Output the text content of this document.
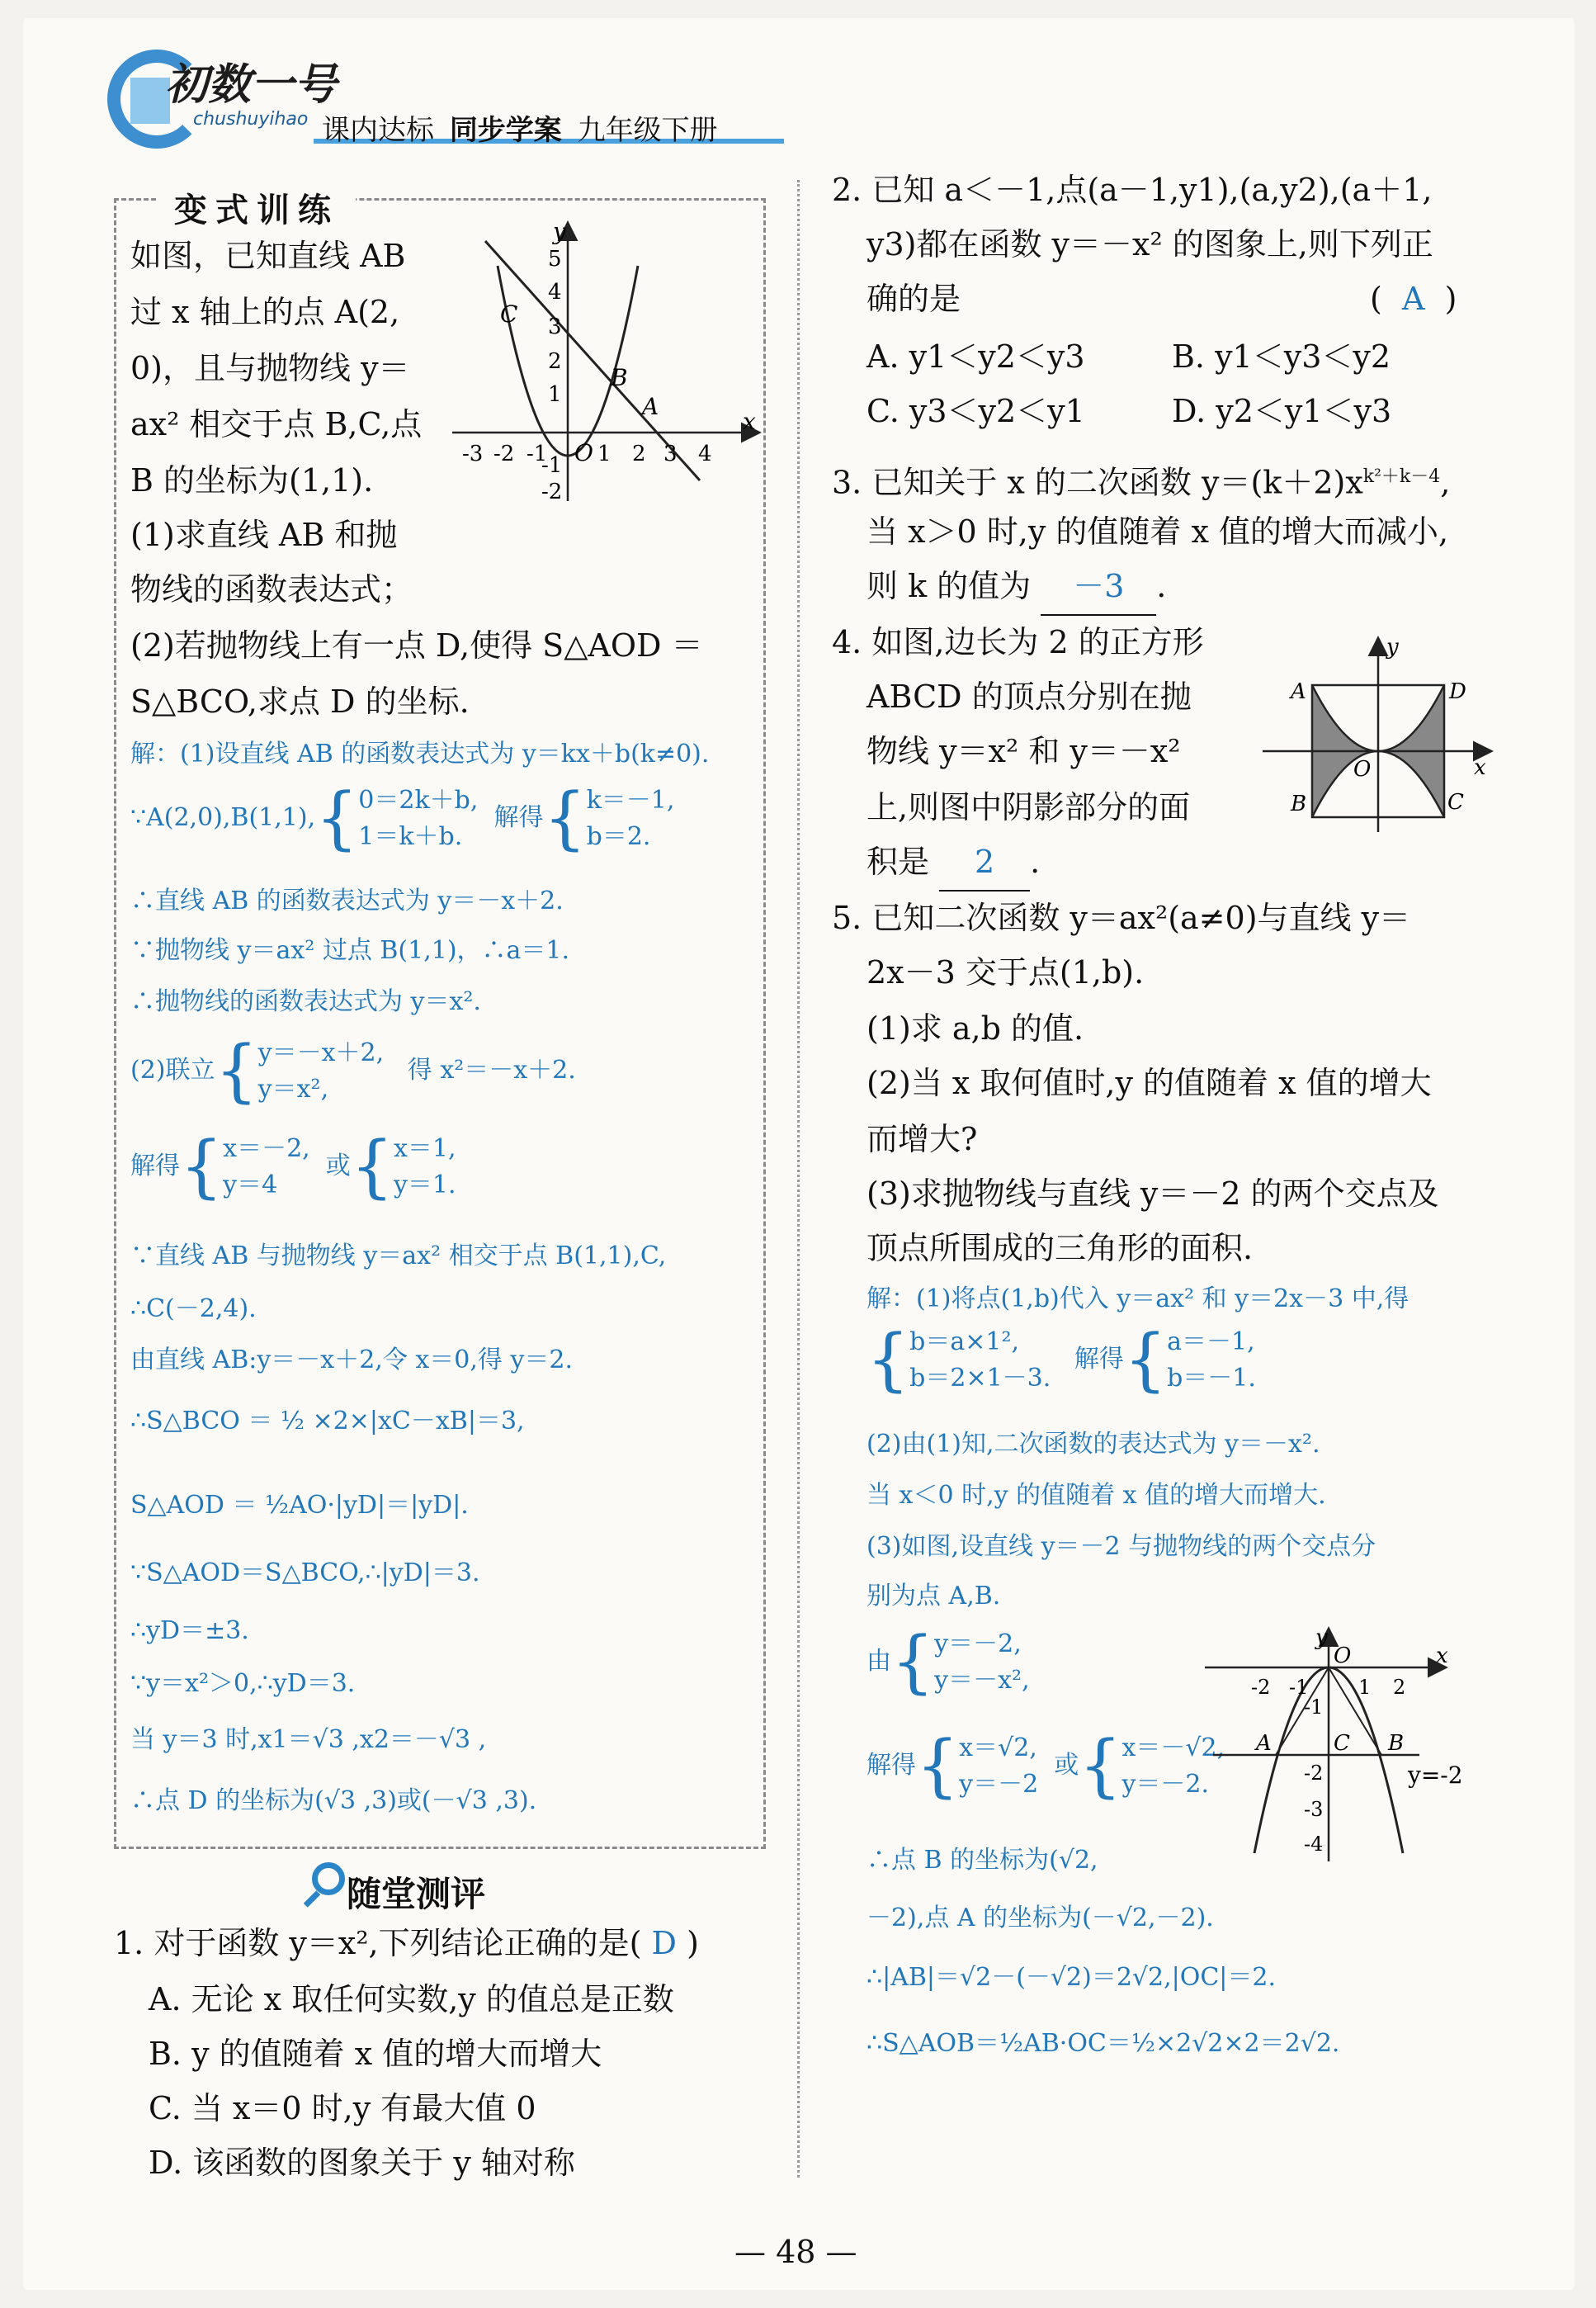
初数一号
chushuyihao 课内达标 同步学案 九年级下册
变式训练
如图，已知直线 AB
过 x 轴上的点 A(2,
0)，且与抛物线 y＝
ax² 相交于点 B,C,点
B 的坐标为(1,1).
(1)求直线 AB 和抛
物线的函数表达式；
(2)若抛物线上有一点 D,使得 S△AOD ＝
S△BCO,求点 D 的坐标.
y
x
O
A
B
C
5
4
3
2
1
-1
-2
-3 -2 -1 1 2 3 4
解：(1)设直线 AB 的函数表达式为 y＝kx＋b(k≠0).
∵A(2,0),B(1,1),{0＝2k＋b,
1＝k＋b.  解得{k＝－1,
b＝2.
∴直线 AB 的函数表达式为 y＝－x＋2.
∵抛物线 y＝ax² 过点 B(1,1)，∴a＝1.
∴抛物线的函数表达式为 y＝x².
(2)联立{y＝－x＋2,
y＝x²,   得 x²＝－x＋2.
解得{x＝－2,
y＝4  或{x＝1,
y＝1.
∵直线 AB 与抛物线 y＝ax² 相交于点 B(1,1),C,
∴C(－2,4).
由直线 AB:y＝－x＋2,令 x＝0,得 y＝2.
∴S△BCO ＝ ½ ×2×|xC－xB|＝3,
S△AOD ＝ ½AO·|yD|＝|yD|.
∵S△AOD＝S△BCO,∴|yD|＝3.
∴yD＝±3.
∵y＝x²＞0,∴yD＝3.
当 y＝3 时,x1＝√3 ,x2＝－√3 ,
∴点 D 的坐标为(√3 ,3)或(－√3 ,3).
随堂测评
1. 对于函数 y＝x²,下列结论正确的是( D )
A. 无论 x 取任何实数,y 的值总是正数
B. y 的值随着 x 值的增大而增大
C. 当 x＝0 时,y 有最大值 0
D. 该函数的图象关于 y 轴对称
2. 已知 a＜－1,点(a－1,y1),(a,y2),(a＋1,
y3)都在函数 y＝－x² 的图象上,则下列正
确的是	(  A  )
A. y1＜y2＜y3	B. y1＜y3＜y2
C. y3＜y2＜y1	D. y2＜y1＜y3
3. 已知关于 x 的二次函数 $y=(k+2)x^{k^2+k-4}$,
当 x＞0 时,y 的值随着 x 值的增大而减小,
则 k 的值为 －3 .
4. 如图,边长为 2 的正方形
ABCD 的顶点分别在抛
物线 y＝x² 和 y＝－x²
上,则图中阴影部分的面
积是 2 .
y
x
O
A	D
B	C
5. 已知二次函数 y＝ax²(a≠0)与直线 y＝
2x－3 交于点(1,b).
(1)求 a,b 的值.
(2)当 x 取何值时,y 的值随着 x 值的增大
而增大?
(3)求抛物线与直线 y＝－2 的两个交点及
顶点所围成的三角形的面积.
解：(1)将点(1,b)代入 y＝ax² 和 y＝2x－3 中,得
{b＝a×1²,
b＝2×1－3.   解得{a＝－1,
b＝－1.
(2)由(1)知,二次函数的表达式为 y＝－x².
当 x＜0 时,y 的值随着 x 值的增大而增大.
(3)如图,设直线 y＝－2 与抛物线的两个交点分
别为点 A,B.
由{y＝－2,
y＝－x²,
解得{x＝√2,
y＝－2  或{x＝－√2,
y＝－2.
y
x
O
A	B
C
y=-2
-2 -1	1 2
-1
-2
-3
-4
∴点 B 的坐标为(√2,
－2),点 A 的坐标为(－√2,－2).
∴|AB|＝√2－(－√2)＝2√2,|OC|＝2.
∴S△AOB＝½AB·OC＝½×2√2×2＝2√2.
— 48 —
